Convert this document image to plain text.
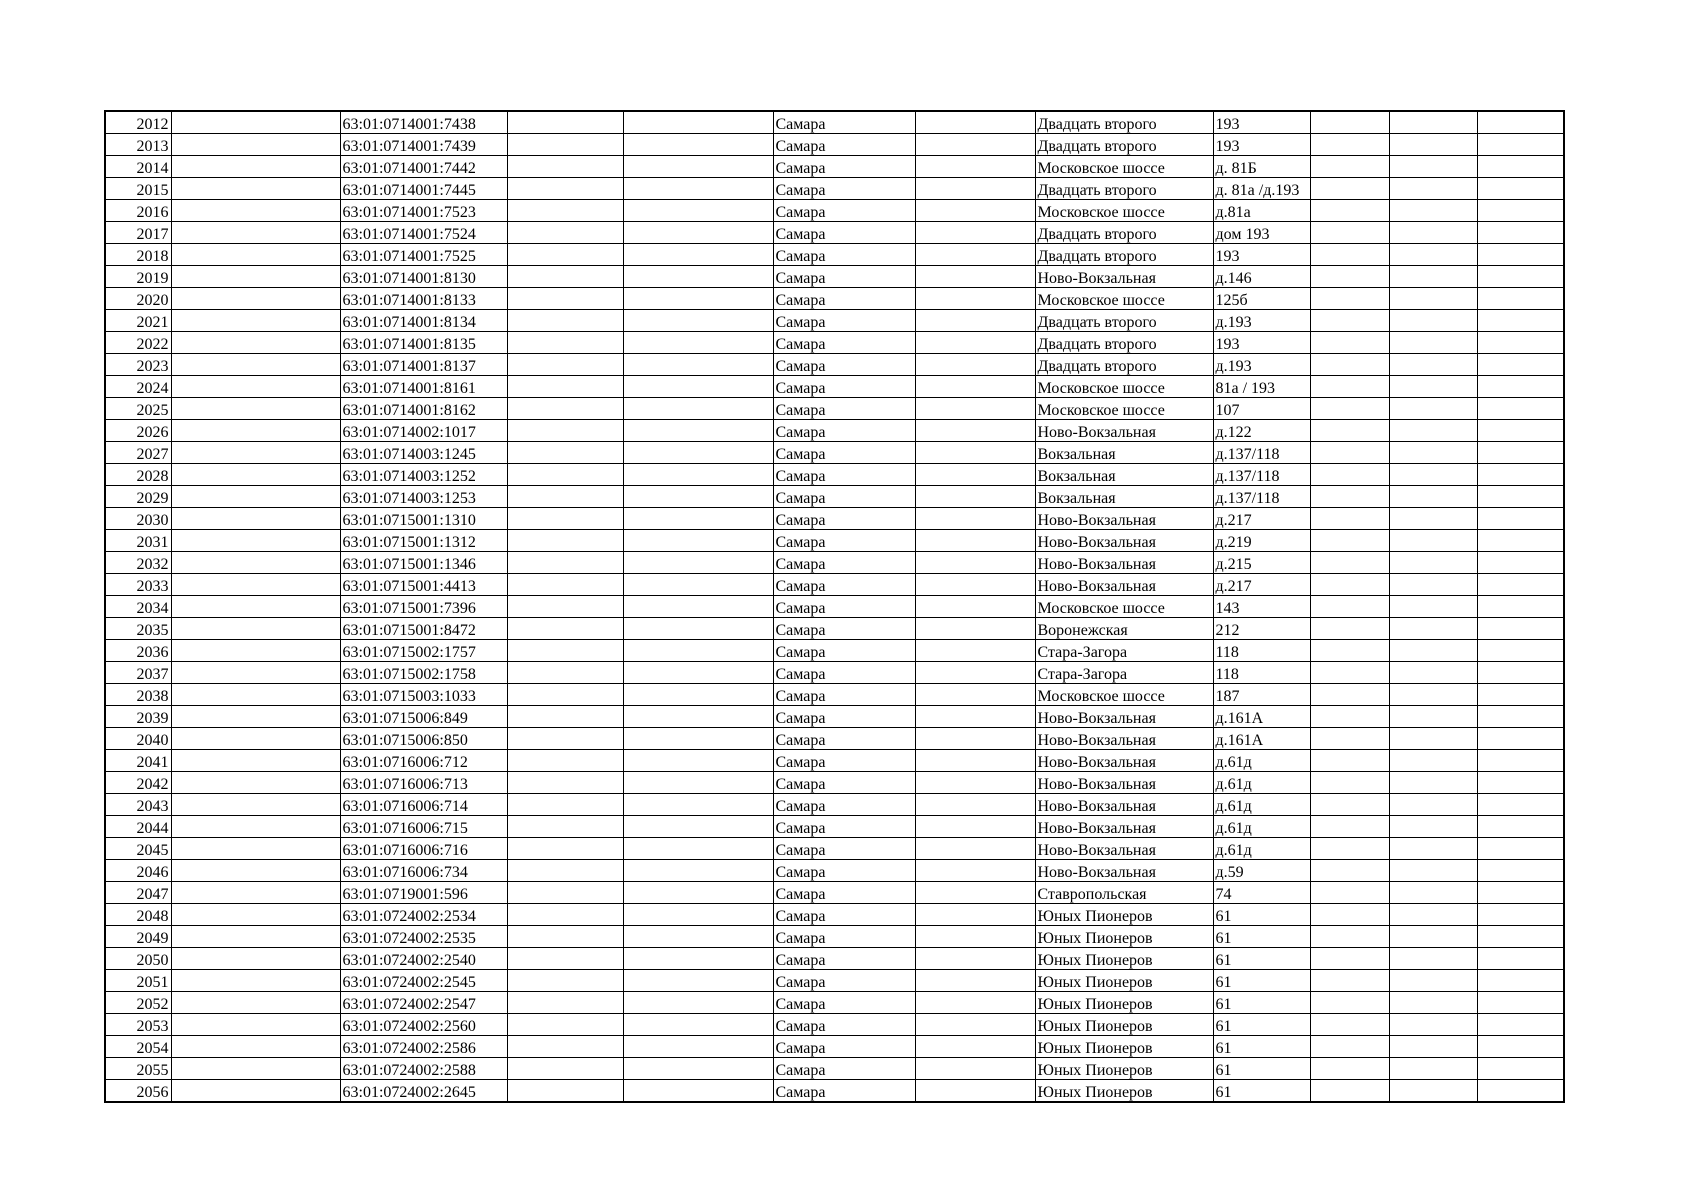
2012		63:01:0714001:7438			Самара		Двадцать второго	193			
2013		63:01:0714001:7439			Самара		Двадцать второго	193			
2014		63:01:0714001:7442			Самара		Московское шоссе	д. 81Б			
2015		63:01:0714001:7445			Самара		Двадцать второго	д. 81а /д.193			
2016		63:01:0714001:7523			Самара		Московское шоссе	д.81а			
2017		63:01:0714001:7524			Самара		Двадцать второго	дом 193			
2018		63:01:0714001:7525			Самара		Двадцать второго	193			
2019		63:01:0714001:8130			Самара		Ново-Вокзальная	д.146			
2020		63:01:0714001:8133			Самара		Московское шоссе	125б			
2021		63:01:0714001:8134			Самара		Двадцать второго	д.193			
2022		63:01:0714001:8135			Самара		Двадцать второго	193			
2023		63:01:0714001:8137			Самара		Двадцать второго	д.193			
2024		63:01:0714001:8161			Самара		Московское шоссе	81а / 193			
2025		63:01:0714001:8162			Самара		Московское шоссе	107			
2026		63:01:0714002:1017			Самара		Ново-Вокзальная	д.122			
2027		63:01:0714003:1245			Самара		Вокзальная	д.137/118			
2028		63:01:0714003:1252			Самара		Вокзальная	д.137/118			
2029		63:01:0714003:1253			Самара		Вокзальная	д.137/118			
2030		63:01:0715001:1310			Самара		Ново-Вокзальная	д.217			
2031		63:01:0715001:1312			Самара		Ново-Вокзальная	д.219			
2032		63:01:0715001:1346			Самара		Ново-Вокзальная	д.215			
2033		63:01:0715001:4413			Самара		Ново-Вокзальная	д.217			
2034		63:01:0715001:7396			Самара		Московское шоссе	143			
2035		63:01:0715001:8472			Самара		Воронежская	212			
2036		63:01:0715002:1757			Самара		Стара-Загора	118			
2037		63:01:0715002:1758			Самара		Стара-Загора	118			
2038		63:01:0715003:1033			Самара		Московское шоссе	187			
2039		63:01:0715006:849			Самара		Ново-Вокзальная	д.161А			
2040		63:01:0715006:850			Самара		Ново-Вокзальная	д.161А			
2041		63:01:0716006:712			Самара		Ново-Вокзальная	д.61д			
2042		63:01:0716006:713			Самара		Ново-Вокзальная	д.61д			
2043		63:01:0716006:714			Самара		Ново-Вокзальная	д.61д			
2044		63:01:0716006:715			Самара		Ново-Вокзальная	д.61д			
2045		63:01:0716006:716			Самара		Ново-Вокзальная	д.61д			
2046		63:01:0716006:734			Самара		Ново-Вокзальная	д.59			
2047		63:01:0719001:596			Самара		Ставропольская	74			
2048		63:01:0724002:2534			Самара		Юных Пионеров	61			
2049		63:01:0724002:2535			Самара		Юных Пионеров	61			
2050		63:01:0724002:2540			Самара		Юных Пионеров	61			
2051		63:01:0724002:2545			Самара		Юных Пионеров	61			
2052		63:01:0724002:2547			Самара		Юных Пионеров	61			
2053		63:01:0724002:2560			Самара		Юных Пионеров	61			
2054		63:01:0724002:2586			Самара		Юных Пионеров	61			
2055		63:01:0724002:2588			Самара		Юных Пионеров	61			
2056		63:01:0724002:2645			Самара		Юных Пионеров	61			
